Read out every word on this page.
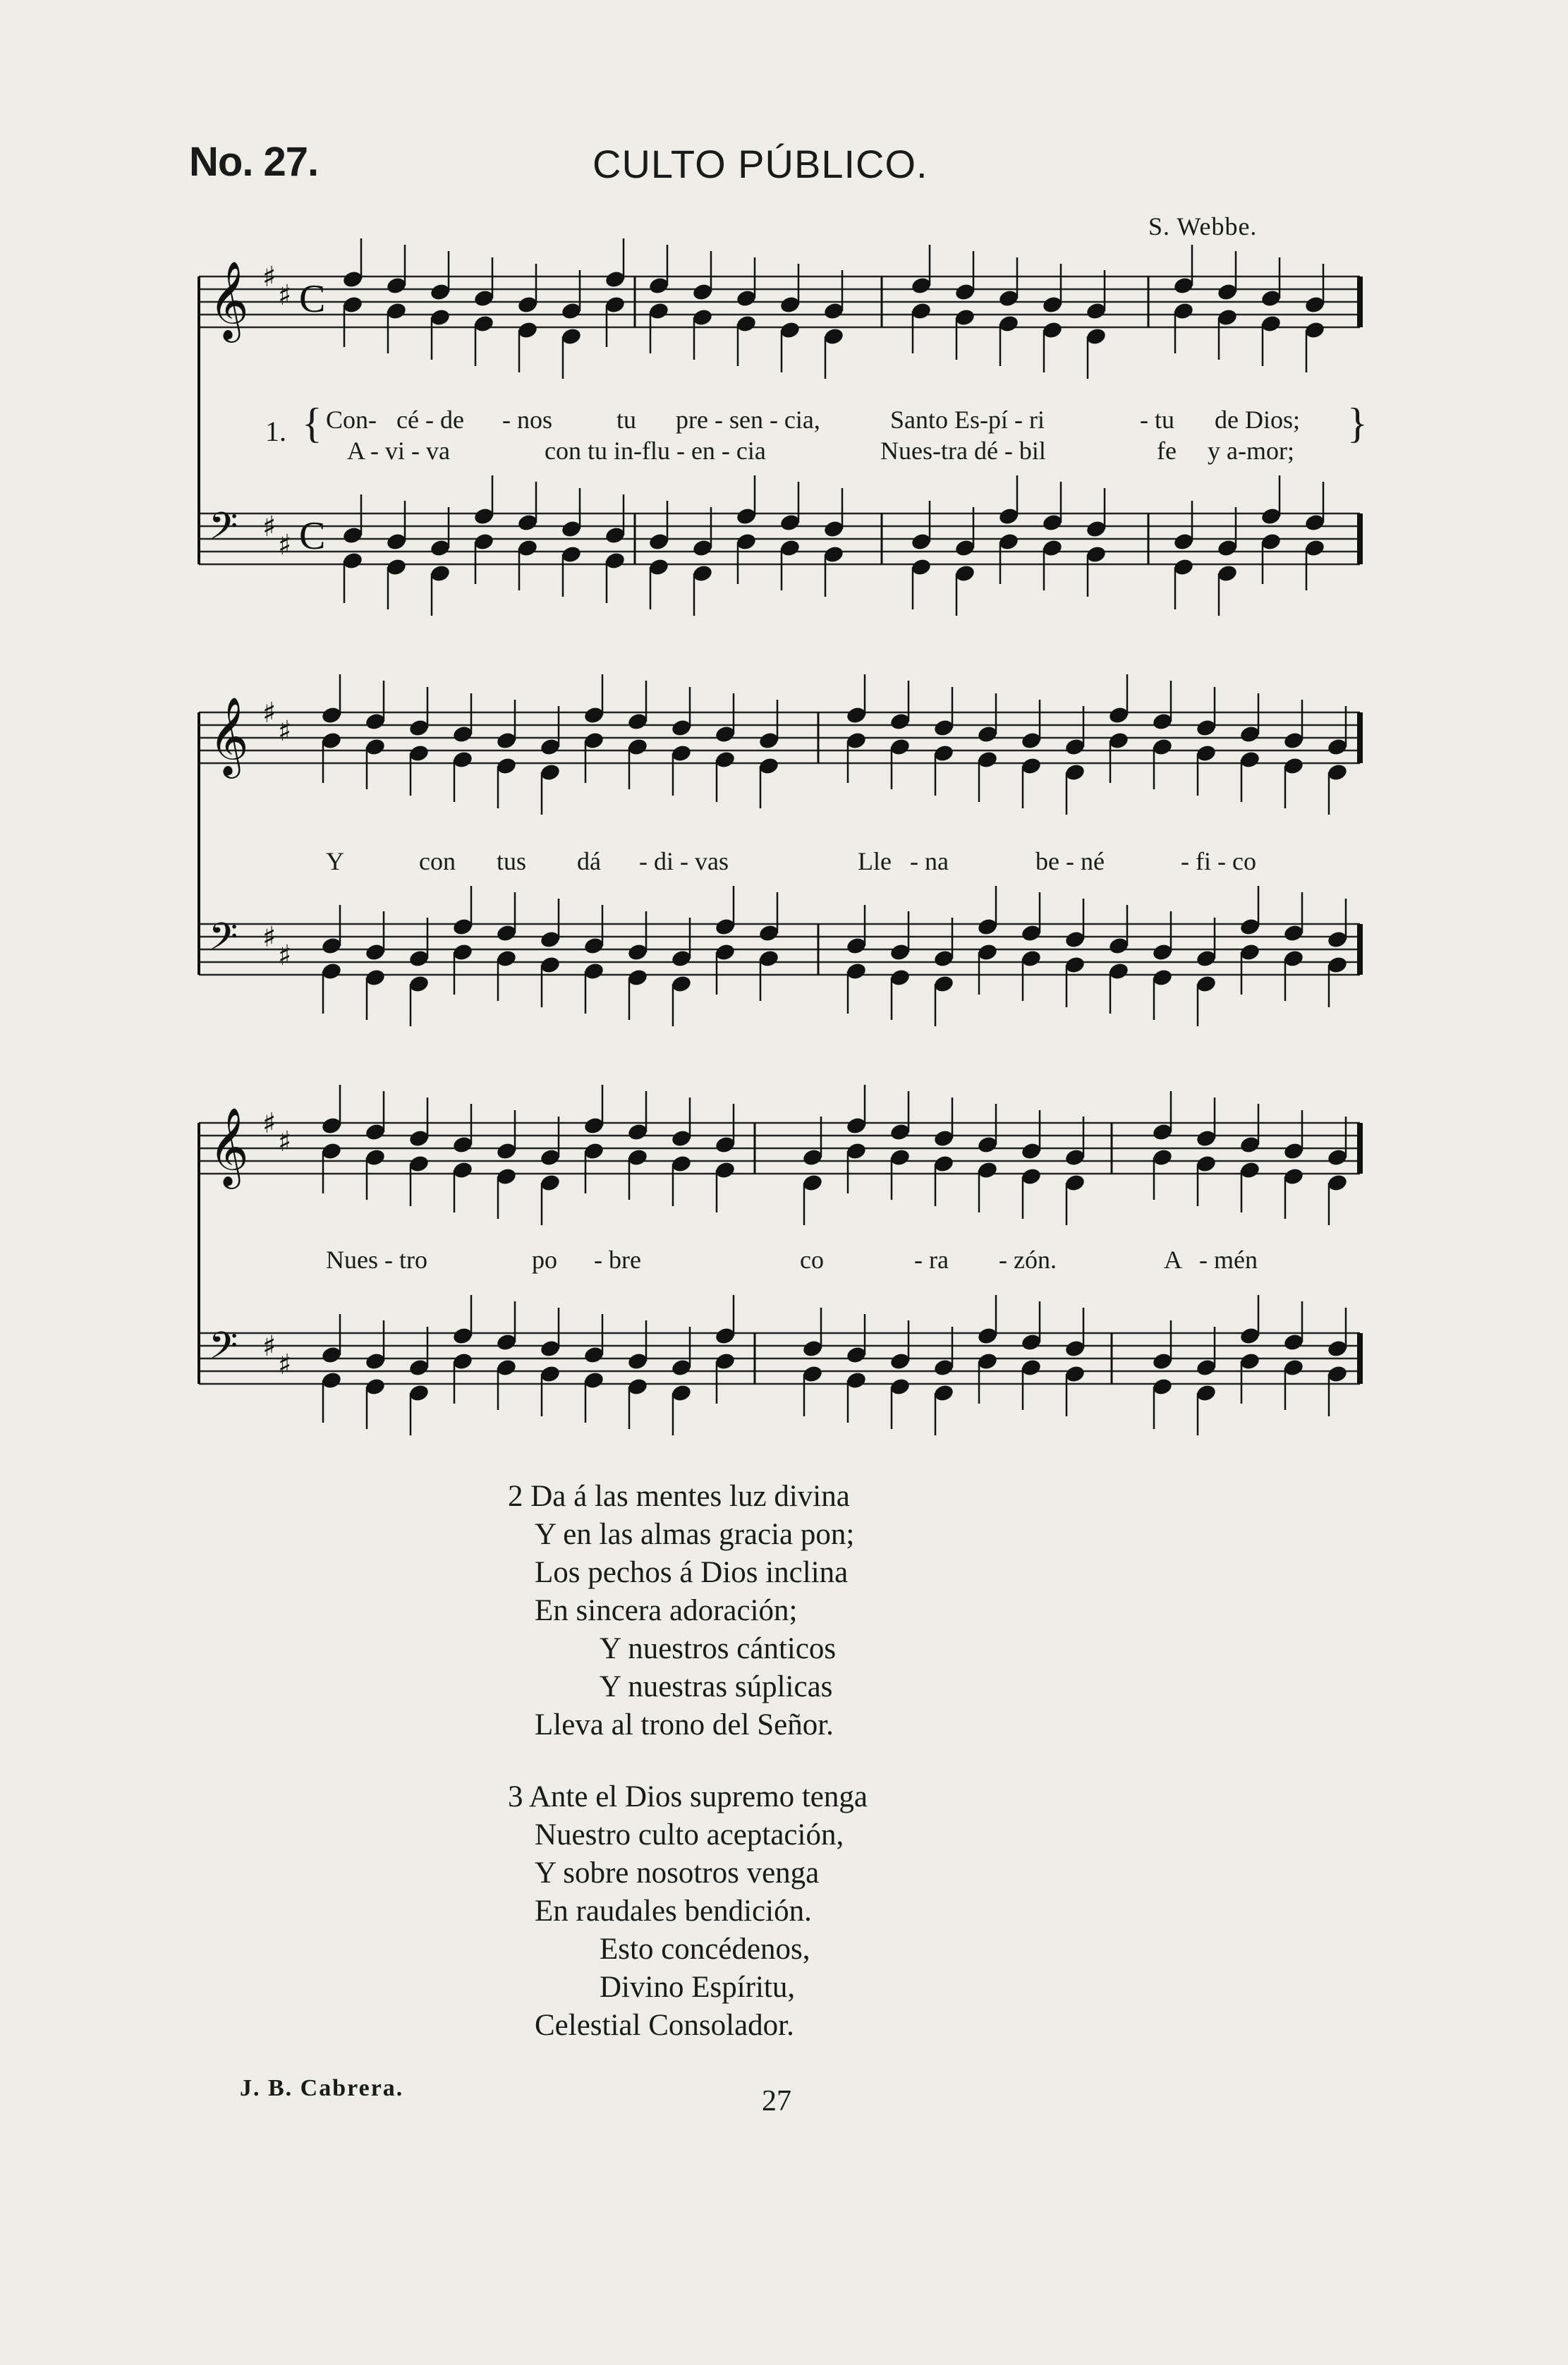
No. 27.	CULTO PÚBLICO.
S. Webbe.
𝄞 ♯
♯ C
𝄢 ♯
♯ C
𝄞 ♯
♯
𝄢 ♯
♯
𝄞 ♯
♯
𝄢 ♯
♯
1. {	}
Con- cé - de - nos	tu pre - sen - cia,	Santo Es-pí - ri	- tu de Dios;
A - vi - va	con tu in-flu - en - cia	Nues-tra dé - bil	fe y a-mor;
Y	con tus dá - di - vas	Lle - na	be - né	- fi - co
Nues - tro	po - bre	co	- ra - zón.	A - mén
2 Da á las mentes luz divina
Y en las almas gracia pon;
Los pechos á Dios inclina
En sincera adoración;
Y nuestros cánticos
Y nuestras súplicas
Lleva al trono del Señor.
3 Ante el Dios supremo tenga
Nuestro culto aceptación,
Y sobre nosotros venga
En raudales bendición.
Esto concédenos,
Divino Espíritu,
Celestial Consolador.
J. B. Cabrera.	27
